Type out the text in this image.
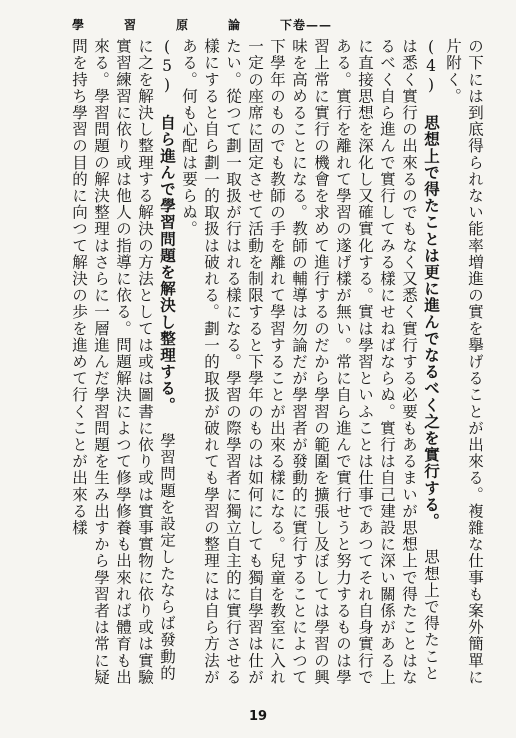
學習原論 下卷——

の下には到底得られない能率増進の實を擧げることが出來る。複雜な仕事も案外簡單に片附く。

(4) 思想上で得たことは更に進んでなるべく之を實行する。 思想上で得たことは悉く實行の出來るのでもなく又悉く實行する必要もあるまいが思想上で得たことはなるべく自ら進んで實行してみる樣にせねばならぬ。實行は自己建設に深い關係がある上に直接思想を深化し又確實化する。實は學習といふことは仕事であつてそれ自身實行である。實行を離れて學習の遂げ樣が無い。常に自ら進んで實行せうと努力するものは學習上常に實行の機會を求めて進行するのだから學習の範圍を擴張し及ぼしては學習の興味を高めることになる。教師の輔導は勿論だが學習者が發動的に實行することによつて下學年のものでも教師の手を離れて學習することが出來る樣になる。兒童を教室に入れ一定の座席に固定させて活動を制限すると下學年のものは如何にしても獨自學習は仕がたい。從つて劃一取扱が行はれる樣になる。學習の際學習者に獨立自主的に實行させる樣にすると自ら劃一的取扱は破れる。劃一的取扱が破れても學習の整理には自ら方法がある。何も心配は要らぬ。

(5) 自ら進んで學習問題を解決し整理する。 學習問題を設定したならば發動的に之を解決し整理する解決の方法としては或は圖書に依り或は實事實物に依り或は實驗實習練習に依り或は他人の指導に依る。問題解決によつて修學修養も出來れば體育も出來る。學習問題の解決整理はさらに一層進んだ學習問題を生み出すから學習者は常に疑問を持ち學習の目的に向つて解決の歩を進めて行くことが出來る樣

19
